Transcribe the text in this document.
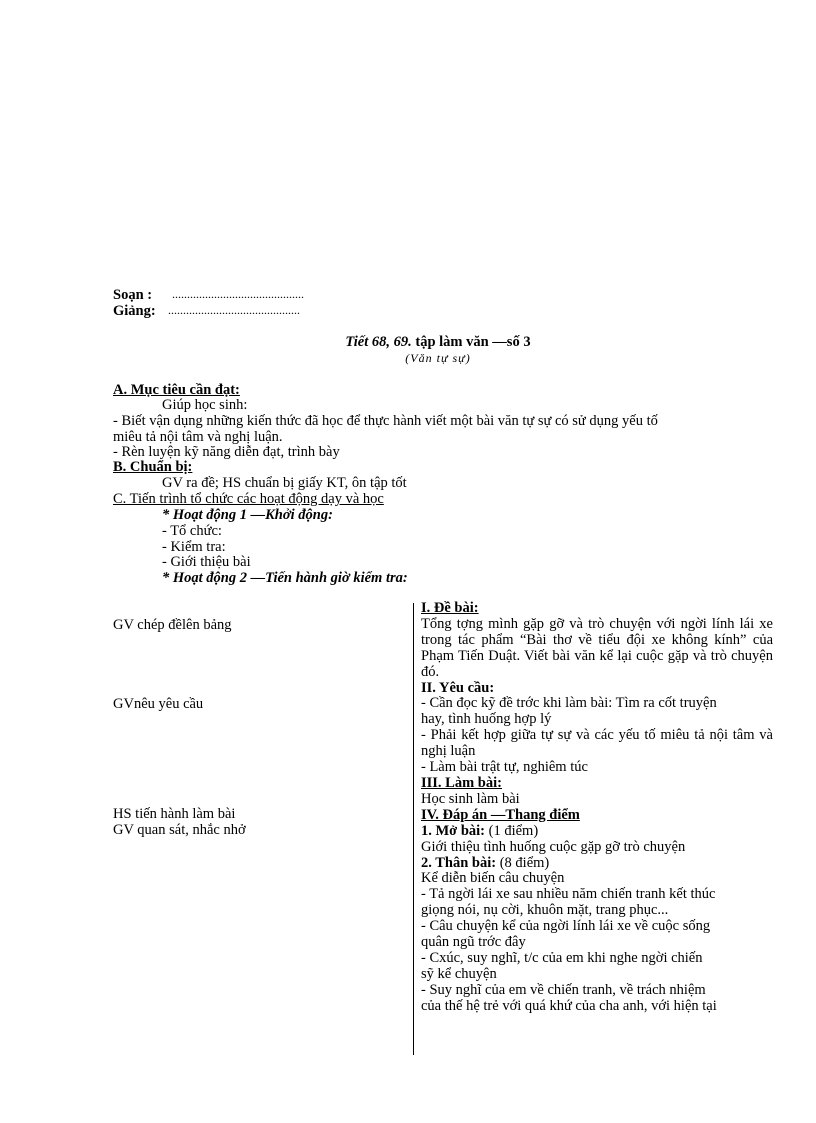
Soạn : ............................................
Giảng: ............................................
Tiết 68, 69. tập làm văn —số 3
(Văn tự sự)
A. Mục tiêu cần đạt:
Giúp học sinh:
- Biết vận dụng những kiến thức đã học để thực hành viết một bài văn tự sự có sử dụng yếu tố
miêu tả nội tâm và nghị luận.
- Rèn luyện kỹ năng diễn đạt, trình bày
B. Chuẩn bị:
GV ra đề; HS chuẩn bị giấy KT, ôn tập tốt
C. Tiến trình tổ chức các hoạt động dạy và học
* Hoạt động 1 —Khởi động:
- Tổ chức:
- Kiểm tra:
- Giới thiệu bài
* Hoạt động 2 —Tiến hành giờ kiểm tra:
GV chép đềlên bảng
GVnêu yêu cầu
HS tiến hành làm bài
GV quan sát, nhắc nhở
I. Đề bài:
Tổng tợng mình gặp gỡ và trò chuyện với ngời lính lái xe trong tác phẩm “Bài thơ về tiểu đội xe không kính” của Phạm Tiến Duật. Viết bài văn kể lại cuộc gặp và trò chuyện đó.
II. Yêu cầu:
- Cần đọc kỹ đề trớc khi làm bài: Tìm ra cốt truyện
hay, tình huống hợp lý
- Phải kết hợp giữa tự sự và các yếu tố miêu tả nội tâm và nghị luận
- Làm bài trật tự, nghiêm túc
III. Làm bài:
Học sinh làm bài
IV. Đáp án —Thang điểm
1. Mở bài: (1 điểm)
Giới thiệu tình huống cuộc gặp gỡ trò chuyện
2. Thân bài: (8 điểm)
Kể diễn biến câu chuyện
- Tả ngời lái xe sau nhiều năm chiến tranh kết thúc
giọng nói, nụ cời, khuôn mặt, trang phục...
- Câu chuyện kể của ngời lính lái xe về cuộc sống
quân ngũ trớc đây
- Cxúc, suy nghĩ, t/c của em khi nghe ngời chiến
sỹ kể chuyện
- Suy nghĩ của em về chiến tranh, về trách nhiệm
của thế hệ trẻ với quá khứ của cha anh, với hiện tại
